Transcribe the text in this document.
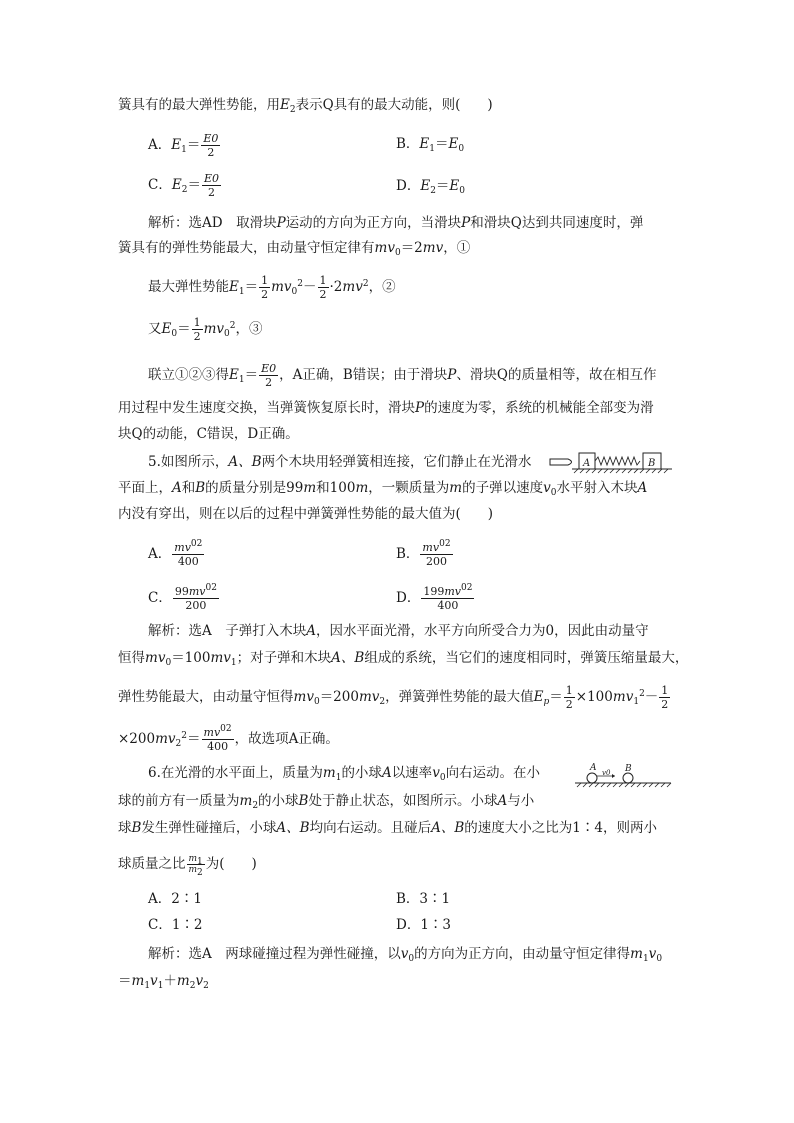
簧具有的最大弹性势能，用$E_2$表示Q具有的最大动能，则(　　)
A．$E_1= \frac{E0}{2}$	B．$E_1=E_0$
C．$E_2= \frac{E0}{2}$	D．$E_2=E_0$
解析：选AD　取滑块P运动的方向为正方向，当滑块P和滑块Q达到共同速度时，弹
簧具有的弹性势能最大，由动量守恒定律有$mv_0=2mv$，①
最大弹性势能$E_1= \frac{1}{2} mv_0^2- \frac{1}{2} \cdot 2mv^2$，②
又$E_0= \frac{1}{2} mv_0^2$，③
联立①②③得$E_1= \frac{E0}{2}$ ，A正确，B错误；由于滑块P、滑块Q的质量相等，故在相互作
用过程中发生速度交换，当弹簧恢复原长时，滑块P的速度为零，系统的机械能全部变为滑
块Q的动能，C错误，D正确。
5.如图所示，A、B两个木块用轻弹簧相连接，它们静止在光滑水	A	B
平面上，A和B的质量分别是99m和100m，一颗质量为m的子弹以速度$v_0$水平射入木块A
内没有穿出，则在以后的过程中弹簧弹性势能的最大值为(　　)
A． $\frac{mv^{02}}{400}$	B． $\frac{mv^{02}}{200}$
C． $\frac{99mv^{02}}{200}$	D． $\frac{199mv^{02}}{400}$
解析：选A　子弹打入木块A，因水平面光滑，水平方向所受合力为0，因此由动量守
恒得$mv_0=100mv_1$；对子弹和木块A、B组成的系统，当它们的速度相同时，弹簧压缩量最大，
弹性势能最大，由动量守恒得$mv_0=200mv_2$，弹簧弹性势能的最大值$E_p= \frac{1}{2} \times 100mv_1^2- \frac{1}{2}$
$\times 200mv_2^2= \frac{mv^{02}}{400}$ ，故选项A正确。
6.在光滑的水平面上，质量为$m_1$的小球A以速率$v_0$向右运动。在小	A v0 B
球的前方有一质量为$m_2$的小球B处于静止状态，如图所示。小球A与小
球B发生弹性碰撞后，小球A、B均向右运动。且碰后A、B的速度大小之比为1∶4，则两小
球质量之比 $\frac{m_1}{m_2}$ 为(　　)
A．2∶1	B．3∶1
C．1∶2	D．1∶3
解析：选A　两球碰撞过程为弹性碰撞，以$v_0$的方向为正方向，由动量守恒定律得$m_1v_0$
$=m_1v_1+m_2v_2$
